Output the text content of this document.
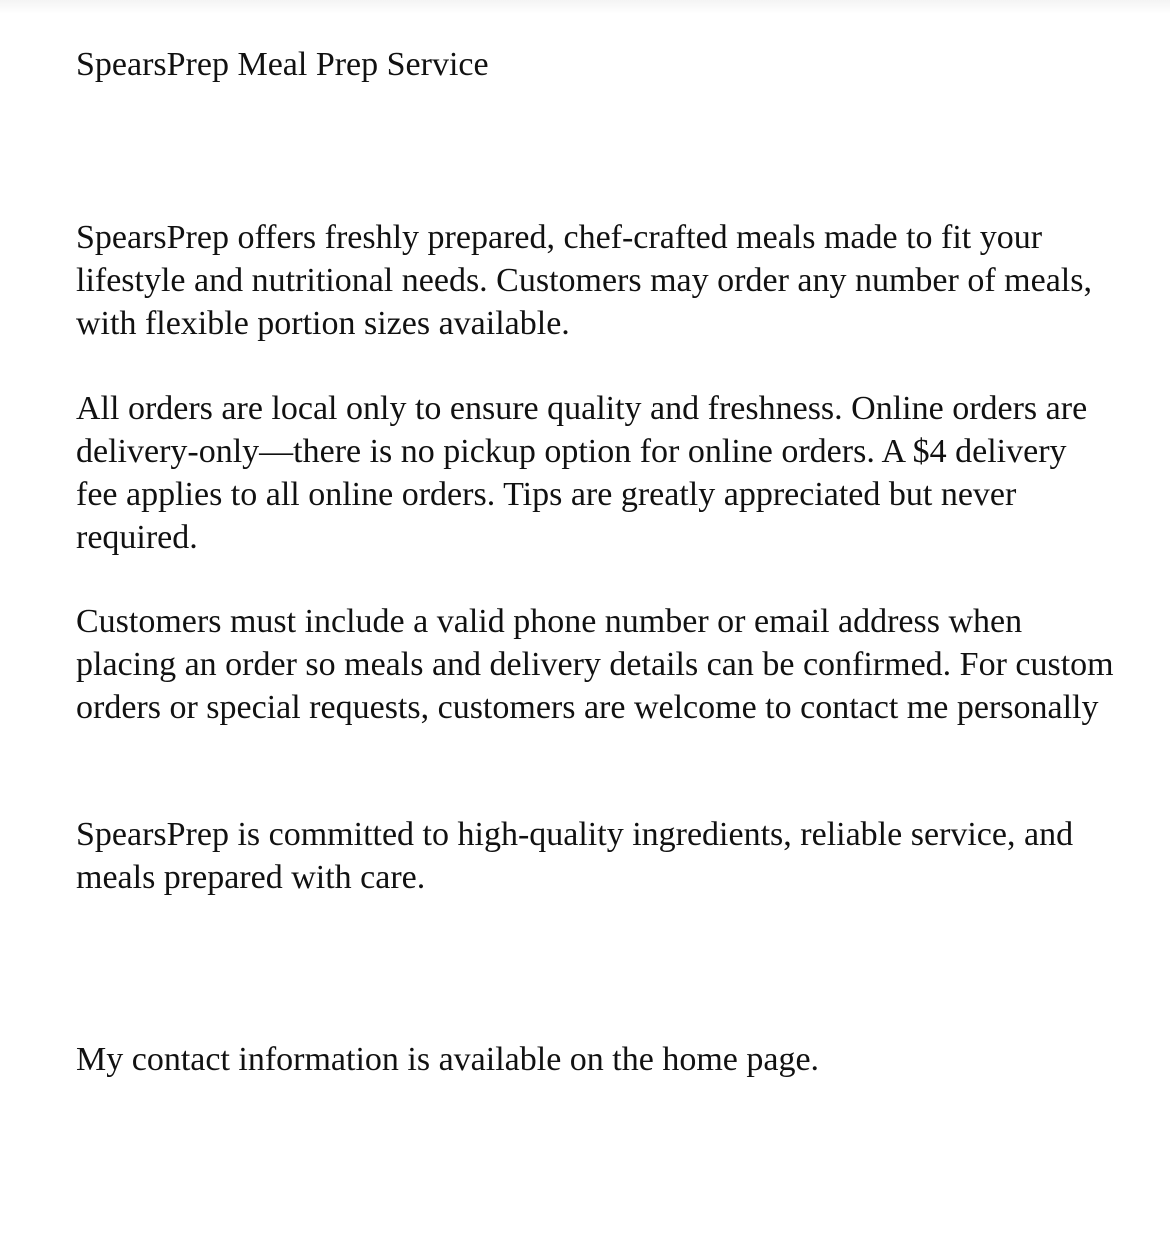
SpearsPrep Meal Prep Service

SpearsPrep offers freshly prepared, chef-crafted meals made to fit your lifestyle and nutritional needs. Customers may order any number of meals, with flexible portion sizes available.

All orders are local only to ensure quality and freshness. Online orders are delivery-only—there is no pickup option for online orders. A $4 delivery fee applies to all online orders. Tips are greatly appreciated but never required.

Customers must include a valid phone number or email address when placing an order so meals and delivery details can be confirmed. For custom orders or special requests, customers are welcome to contact me personally

SpearsPrep is committed to high-quality ingredients, reliable service, and meals prepared with care.

My contact information is available on the home page.
